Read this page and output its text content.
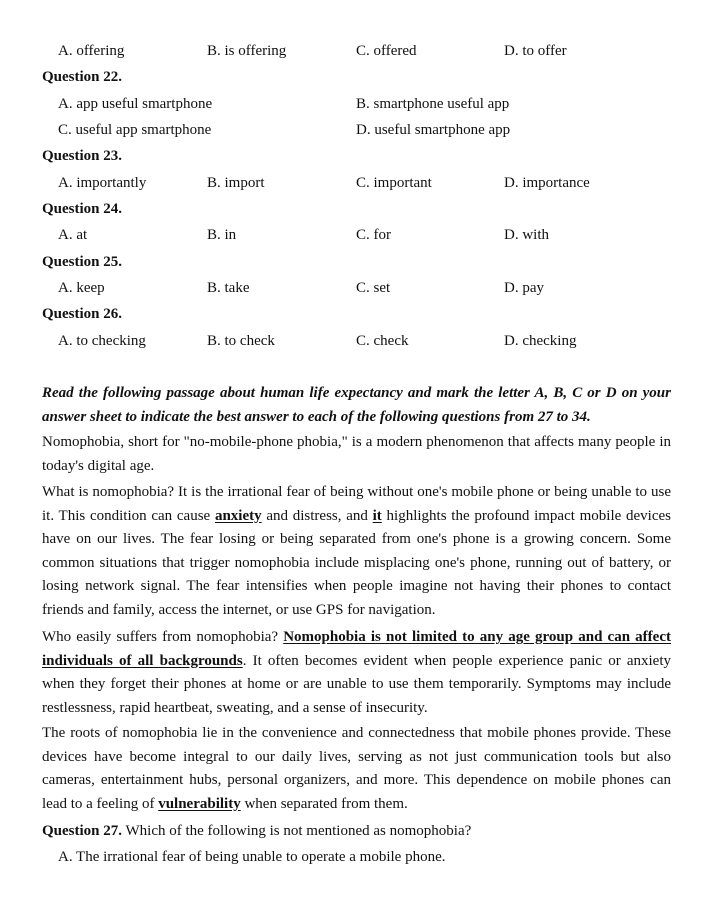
A. offering	B. is offering	C. offered	D. to offer
Question 22.
A. app useful smartphone	B. smartphone useful app
C. useful app smartphone	D. useful smartphone app
Question 23.
A. importantly	B. import	C. important	D. importance
Question 24.
A. at	B. in	C. for	D. with
Question 25.
A. keep	B. take	C. set	D. pay
Question 26.
A. to checking	B. to check	C. check	D. checking

Read the following passage about human life expectancy and mark the letter A, B, C or D on your answer sheet to indicate the best answer to each of the following questions from 27 to 34.

Nomophobia, short for "no-mobile-phone phobia," is a modern phenomenon that affects many people in today's digital age.

What is nomophobia? It is the irrational fear of being without one's mobile phone or being unable to use it. This condition can cause anxiety and distress, and it highlights the profound impact mobile devices have on our lives. The fear losing or being separated from one's phone is a growing concern. Some common situations that trigger nomophobia include misplacing one's phone, running out of battery, or losing network signal. The fear intensifies when people imagine not having their phones to contact friends and family, access the internet, or use GPS for navigation.

Who easily suffers from nomophobia? Nomophobia is not limited to any age group and can affect individuals of all backgrounds. It often becomes evident when people experience panic or anxiety when they forget their phones at home or are unable to use them temporarily. Symptoms may include restlessness, rapid heartbeat, sweating, and a sense of insecurity.

The roots of nomophobia lie in the convenience and connectedness that mobile phones provide. These devices have become integral to our daily lives, serving as not just communication tools but also cameras, entertainment hubs, personal organizers, and more. This dependence on mobile phones can lead to a feeling of vulnerability when separated from them.

Question 27. Which of the following is not mentioned as nomophobia?
A. The irrational fear of being unable to operate a mobile phone.
